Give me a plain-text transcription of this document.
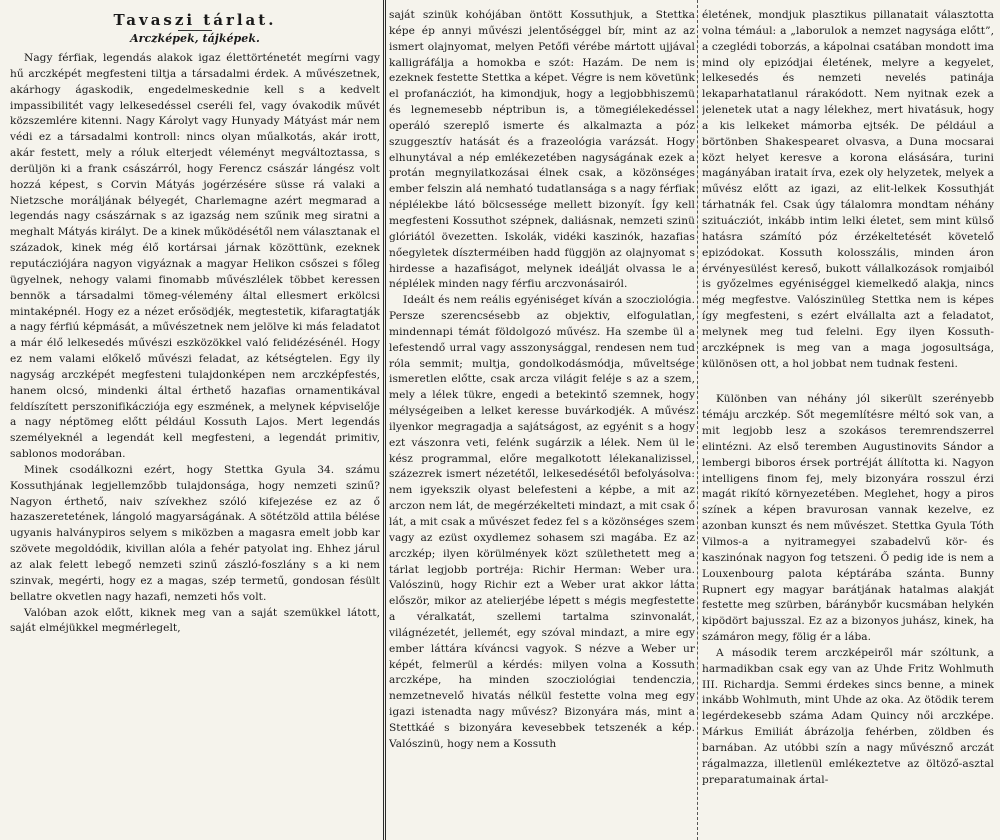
Tavaszi tárlat.
Arczképek, tájképek.

Nagy férfiak, legendás alakok igaz élettörténetét megírni vagy hű arczképét megfesteni tiltja a társadalmi érdek. A művészetnek, akárhogy ágaskodik, engedelmeskednie kell s a kedvelt impassibilitét vagy lelkesedéssel cseréli fel, vagy óvakodik művét közszemlére kitenni. Nagy Károlyt vagy Hunyady Mátyást már nem védi ez a társadalmi kontroll: nincs olyan műalkotás, akár irott, akár festett, mely a róluk elterjedt véleményt megváltoztassa, s derüljön ki a frank császárról, hogy Ferencz császár lángész volt hozzá képest, s Corvin Mátyás jogérzésére süsse rá valaki a Nietzsche moráljának bélyegét, Charlemagne azért megmarad a legendás nagy császárnak s az igazság nem szűnik meg siratni a meghalt Mátyás királyt. De a kinek működésétől nem választanak el századok, kinek még élő kortársai járnak közöttünk, ezeknek reputácziójára nagyon vigyáznak a magyar Helikon csőszei s főleg ügyelnek, nehogy valami finomabb művészlélek többet keressen bennök a társadalmi tömeg-vélemény által ellesmert erkölcsi mintaképnél. Hogy ez a nézet erősödjék, megtestetik, kifaragtatják a nagy férfiú képmását, a művészetnek nem jelölve ki más feladatot a már élő lelkesedés művészi eszközökkel való felidézésénél. Hogy ez nem valami előkelő művészi feladat, az kétségtelen. Egy ily nagyság arczképét megfesteni tulajdonképen nem arczképfestés, hanem olcsó, mindenki által érthető hazafias ornamentikával feldíszített perszonifikácziója egy eszmének, a melynek képviselője a nagy néptömeg előtt például Kossuth Lajos. Mert legendás személyeknél a legendát kell megfesteni, a legendát primitiv, sablonos modorában.

Minek csodálkozni ezért, hogy Stettka Gyula 34. számu Kossuthjának legjellemzőbb tulajdonsága, hogy nemzeti szinű? Nagyon érthető, naiv szívekhez szóló kifejezése ez az ő hazaszeretetének, lángoló magyarságának. A sötétzöld attila bélése ugyanis halványpiros selyem s miközben a magasra emelt jobb kar szövete megoldódik, kivillan alóla a fehér patyolat ing. Ehhez járul az alak felett lebegő nemzeti szinű zászló-foszlány s a ki nem szinvak, megérti, hogy ez a magas, szép termetű, gondosan fésült bellatre okvetlen nagy hazafi, nemzeti hős volt.

Valóban azok előtt, kiknek meg van a saját szemükkel látott, saját elméjükkel megmérlegelt,

saját szinük kohójában öntött Kossuthjuk, a Stettka képe ép annyi művészi jelentőséggel bír, mint az az ismert olajnyomat, melyen Petőfi vérébe mártott ujjával kalligráfálja a homokba e szót: Hazám. De nem is ezeknek festette Stettka a képet. Végre is nem követünk el profanácziót, ha kimondjuk, hogy a legjobbhiszemü és legnemesebb néptribun is, a tömegiélekedéssel operáló szereplő ismerte és alkalmazta a póz szuggesztív hatását és a frazeológia varázsát. Hogy elhunytával a nép emlékezetében nagyságának ezek a protán megnyilatkozásai élnek csak, a közönséges ember felszin alá nemható tudatlansága s a nagy férfiak néplélekbe látó bölcsessége mellett bizonyít. Így kell megfesteni Kossuthot szépnek, daliásnak, nemzeti szinü glóriától övezetten. Iskolák, vidéki kaszinók, hazafias nőegyletek díszterméiben hadd függjön az olajnyomat s hirdesse a hazafiságot, melynek ideálját olvassa le a néplélek minden nagy férfiu arczvonásairól.

Ideált és nem reális egyéniséget kíván a szocziológia. Persze szerencsésebb az objektiv, elfogulatlan, mindennapi témát földolgozó művész. Ha szembe ül a lefestendő urral vagy asszonysággal, rendesen nem tud róla semmit; multja, gondolkodásmódja, műveltsége ismeretlen előtte, csak arcza világit feléje s az a szem, mely a lélek tükre, engedi a betekintő szemnek, hogy mélységeiben a lelket keresse buvárkodjék. A művész ilyenkor megragadja a sajátságost, az egyénit s a hogy ezt vászonra veti, felénk sugárzik a lélek. Nem ül le kész programmal, előre megalkotott lélekanalizissel, százezrek ismert nézetétől, lelkesedésétől befolyásolva: nem igyekszik olyast belefesteni a képbe, a mit az arczon nem lát, de megérzékelteti mindazt, a mit csak ő lát, a mit csak a művészet fedez fel s a közönséges szem vagy az ezüst oxydlemez sohasem szi magába. Ez az arczkép; ilyen körülmények közt születhetett meg a tárlat legjobb portréja: Richir Herman: Weber ura. Valószinü, hogy Richir ezt a Weber urat akkor látta először, mikor az atelierjébe lépett s mégis megfestette a véralkatát, szellemi tartalma szinvonalát, világnézetét, jellemét, egy szóval mindazt, a mire egy ember láttára kíváncsi vagyok. S nézve a Weber ur képét, felmerül a kérdés: milyen volna a Kossuth arczképe, ha minden szocziológiai tendenczia, nemzetnevelő hivatás nélkül festette volna meg egy igazi istenadta nagy művész? Bizonyára más, mint a Stettkáé s bizonyára kevesebbek tetszenék a kép. Valószinü, hogy nem a Kossuth

életének, mondjuk plasztikus pillanatait választotta volna témául: a „laborulok a nemzet nagysága előtt”, a czeglédi toborzás, a kápolnai csatában mondott ima mind oly epizódjai életének, melyre a kegyelet, lelkesedés és nemzeti nevelés patinája lekaparhatatlanul rárakódott. Nem nyitnak ezek a jelenetek utat a nagy lélekhez, mert hivatásuk, hogy a kis lelkeket mámorba ejtsék. De például a börtönben Shakespearet olvasva, a Duna mocsarai közt helyet keresve a korona elásására, turini magányában iratait írva, ezek oly helyzetek, melyek a művész előtt az igazi, az elit-lelkek Kossuthját tárhatnák fel. Csak úgy tálalomra mondtam néhány szituácziót, inkább intim lelki életet, sem mint külső hatásra számító póz érzékeltetését követelő epizódokat. Kossuth kolosszális, minden áron érvényesülést kereső, bukott vállalkozások romjaiból is győzelmes egyéniséggel kiemelkedő alakja, nincs még megfestve. Valószinüleg Stettka nem is képes így megfesteni, s ezért elvállalta azt a feladatot, melynek meg tud felelni. Egy ilyen Kossuth-arczképnek is meg van a maga jogosultsága, különösen ott, a hol jobbat nem tudnak festeni.

Különben van néhány jól sikerült szerényebb témáju arczkép. Sőt megemlítésre méltó sok van, a mit legjobb lesz a szokásos teremrendszerrel elintézni. Az első teremben Augustinovits Sándor a lembergi biboros érsek portréját állította ki. Nagyon intelligens finom fej, mely bizonyára rosszul érzi magát rikító környezetében. Meglehet, hogy a piros színek a képen bravurosan vannak kezelve, ez azonban kunszt és nem művészet. Stettka Gyula Tóth Vilmos-a a nyitramegyei szabadelvű kör- és kaszinónak nagyon fog tetszeni. Ő pedig ide is nem a Louxenbourg palota képtárába szánta. Bunny Rupnert egy magyar barátjának hatalmas alakját festette meg szürben, báránybőr kucsmában helykén kipödört bajusszal. Ez az a bizonyos juhász, kinek, ha számáron megy, fölig ér a lába.

A második terem arczképeiről már szóltunk, a harmadikban csak egy van az Uhde Fritz Wohlmuth III. Richardja. Semmi érdekes sincs benne, a minek inkább Wohlmuth, mint Uhde az oka. Az ötödik terem legérdekesebb száma Adam Quincy női arczképe. Márkus Emiliát ábrázolja fehérben, zöldben és barnában. Az utóbbi szín a nagy művésznő arczát rágalmazza, illetlenül emlékeztetve az öltöző-asztal preparatumainak ártal-
